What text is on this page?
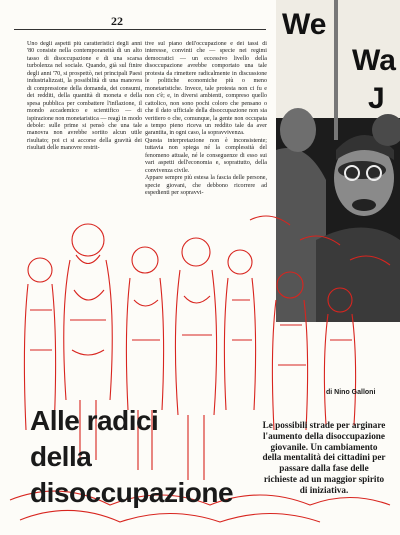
22

Uno degli aspetti più caratteristici degli anni '80 consiste nella contemporaneità di un alto tasso di disoccupazione e di una scarsa turbolenza nel sociale. Quando, già sul finire degli anni '70, si prospettò, nei principali Paesi industrializzati, la possibilità di una manovra di compressione della domanda, dei consumi, dei redditi, della quantità di moneta e della spesa pubblica per combattere l'inflazione, il mondo accademico e scientifico — di ispirazione non monetaristica — reagì in modo debole: sulle prime si pensò che una tale manovra non avrebbe sortito alcun utile risultato; poi ci si accorse della gravità dei risultati delle manovre restrit-

tive sul piano dell'occupazione e dei tassi di interesse, convinti che — specie nei regimi democratici — un eccessivo livello della disoccupazione avrebbe comportato una tale protesta da rimettere radicalmente in discussione le politiche economiche più o meno monetaristiche. Invece, tale protesta non ci fu e non c'è; e, in diversi ambienti, compreso quello cattolico, non sono pochi coloro che pensano o che il dato ufficiale della disoccupazione non sia veritiero o che, comunque, la gente non occupata a tempo pieno riceva un reddito tale da aver garantita, in ogni caso, la sopravvivenza.
Questa interpretazione non è inconsistente; tuttavia non spiega né la complessità del fenomeno attuale, né le conseguenze di esso sui vari aspetti dell'economia e, soprattutto, della convivenza civile.
Appare sempre più estesa la fascia delle persone, specie giovani, che debbono ricorrere ad espedienti per sopravvi-

We
Wa
J
di Nino Galloni
Alle radici
della
disoccupazione
Le possibili strade per arginare l'aumento della disoccupazione giovanile. Un cambiamento della mentalità dei cittadini per passare dalla fase delle richieste ad un maggior spirito di iniziativa.
